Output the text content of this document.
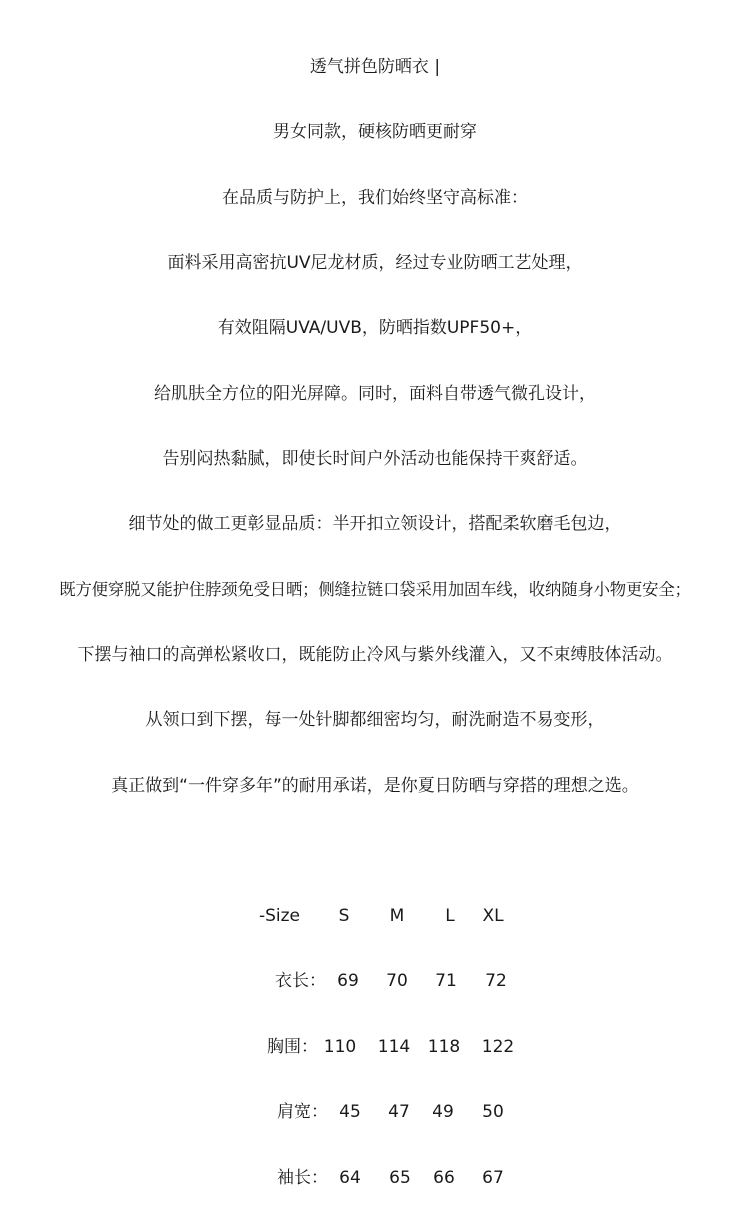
透气拼色防晒衣 |
男女同款，硬核防晒更耐穿
在品质与防护上，我们始终坚守高标准：
面料采用高密抗UV尼龙材质，经过专业防晒工艺处理，
有效阻隔UVA/UVB，防晒指数UPF50+，
给肌肤全方位的阳光屏障。同时，面料自带透气微孔设计，
告别闷热黏腻，即使长时间户外活动也能保持干爽舒适。
细节处的做工更彰显品质：半开扣立领设计，搭配柔软磨毛包边，
既方便穿脱又能护住脖颈免受日晒；侧缝拉链口袋采用加固车线，收纳随身小物更安全；
下摆与袖口的高弹松紧收口，既能防止冷风与紫外线灌入，又不束缚肢体活动。
从领口到下摆，每一处针脚都细密均匀，耐洗耐造不易变形，
真正做到“一件穿多年”的耐用承诺，是你夏日防晒与穿搭的理想之选。
-Size	S	M	L	XL
衣长： 69	70	71	72
胸围： 110	114	118	122
肩宽： 45	47	49	50
袖长： 64	65	66	67
